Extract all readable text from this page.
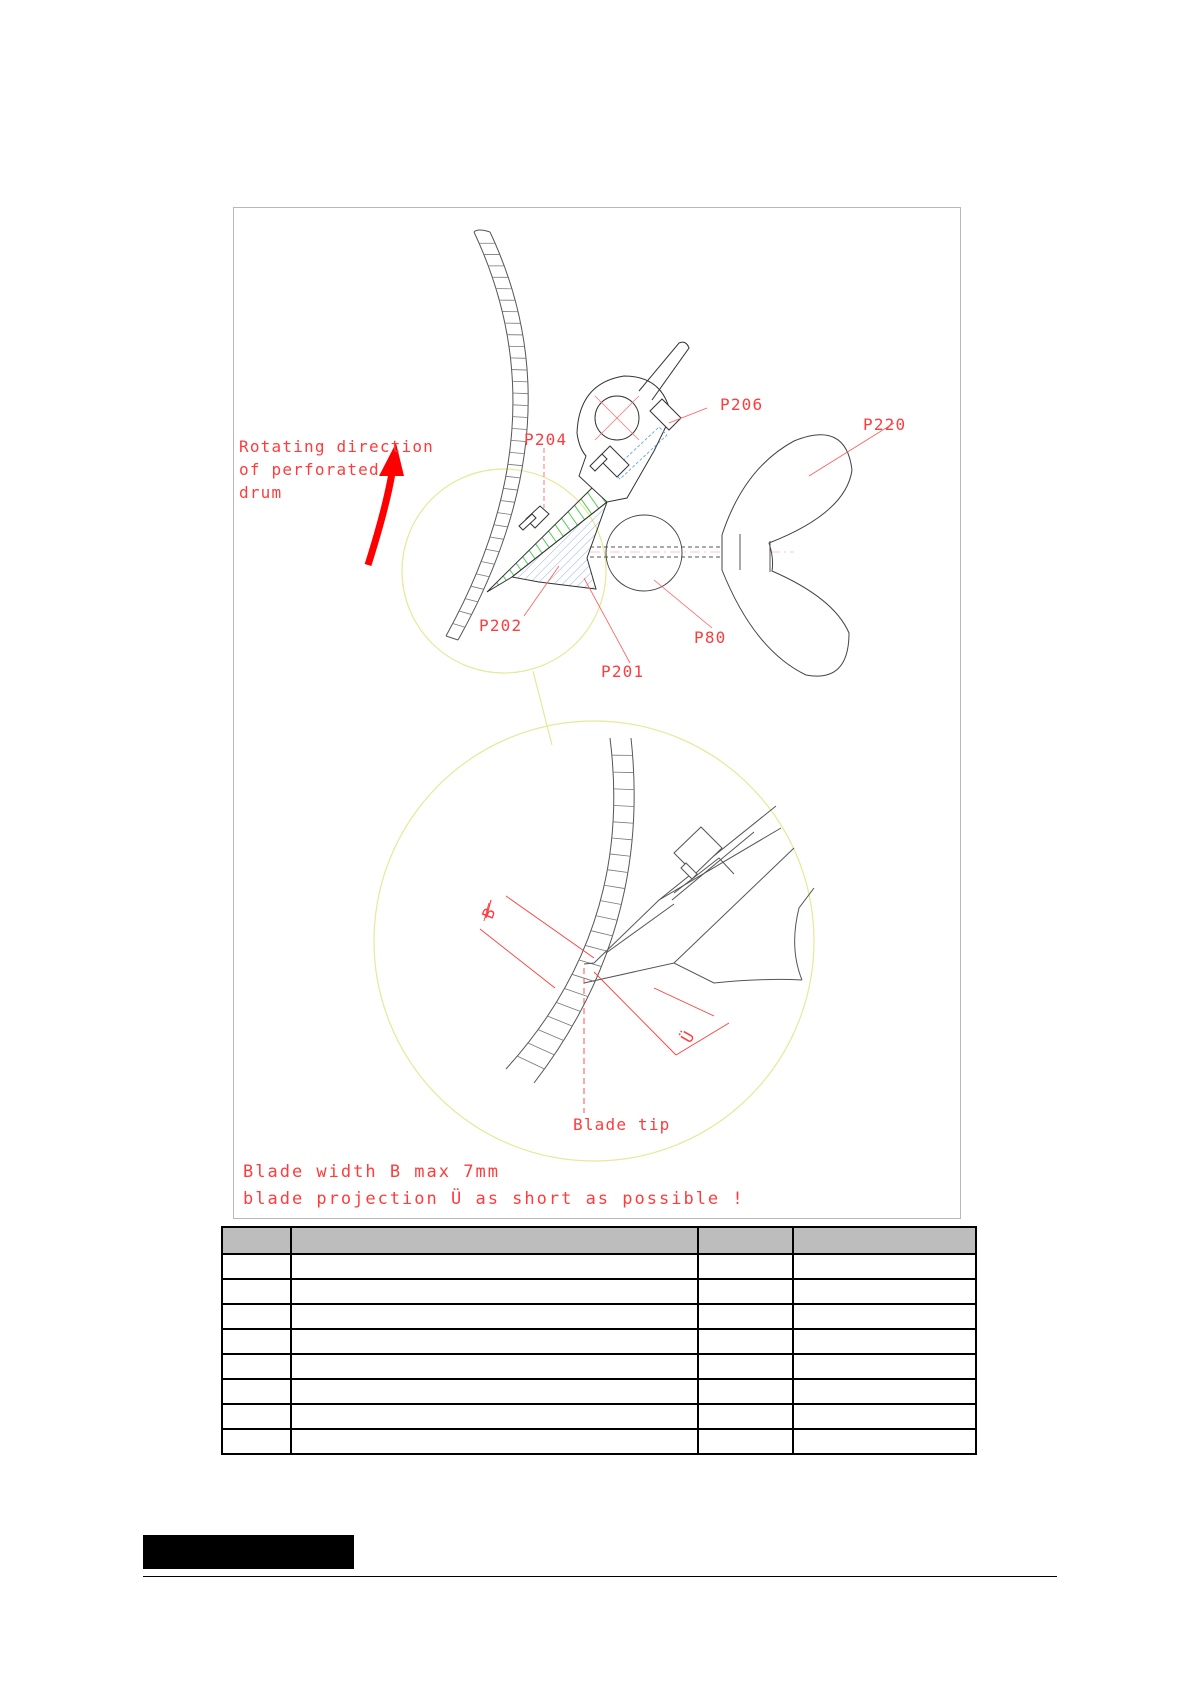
P206
P220
P204
P202
P201
P80
Rotating direction
of perforated
drum
B
Ü
Blade tip
Blade width B max 7mm
blade projection Ü as short as possible !
